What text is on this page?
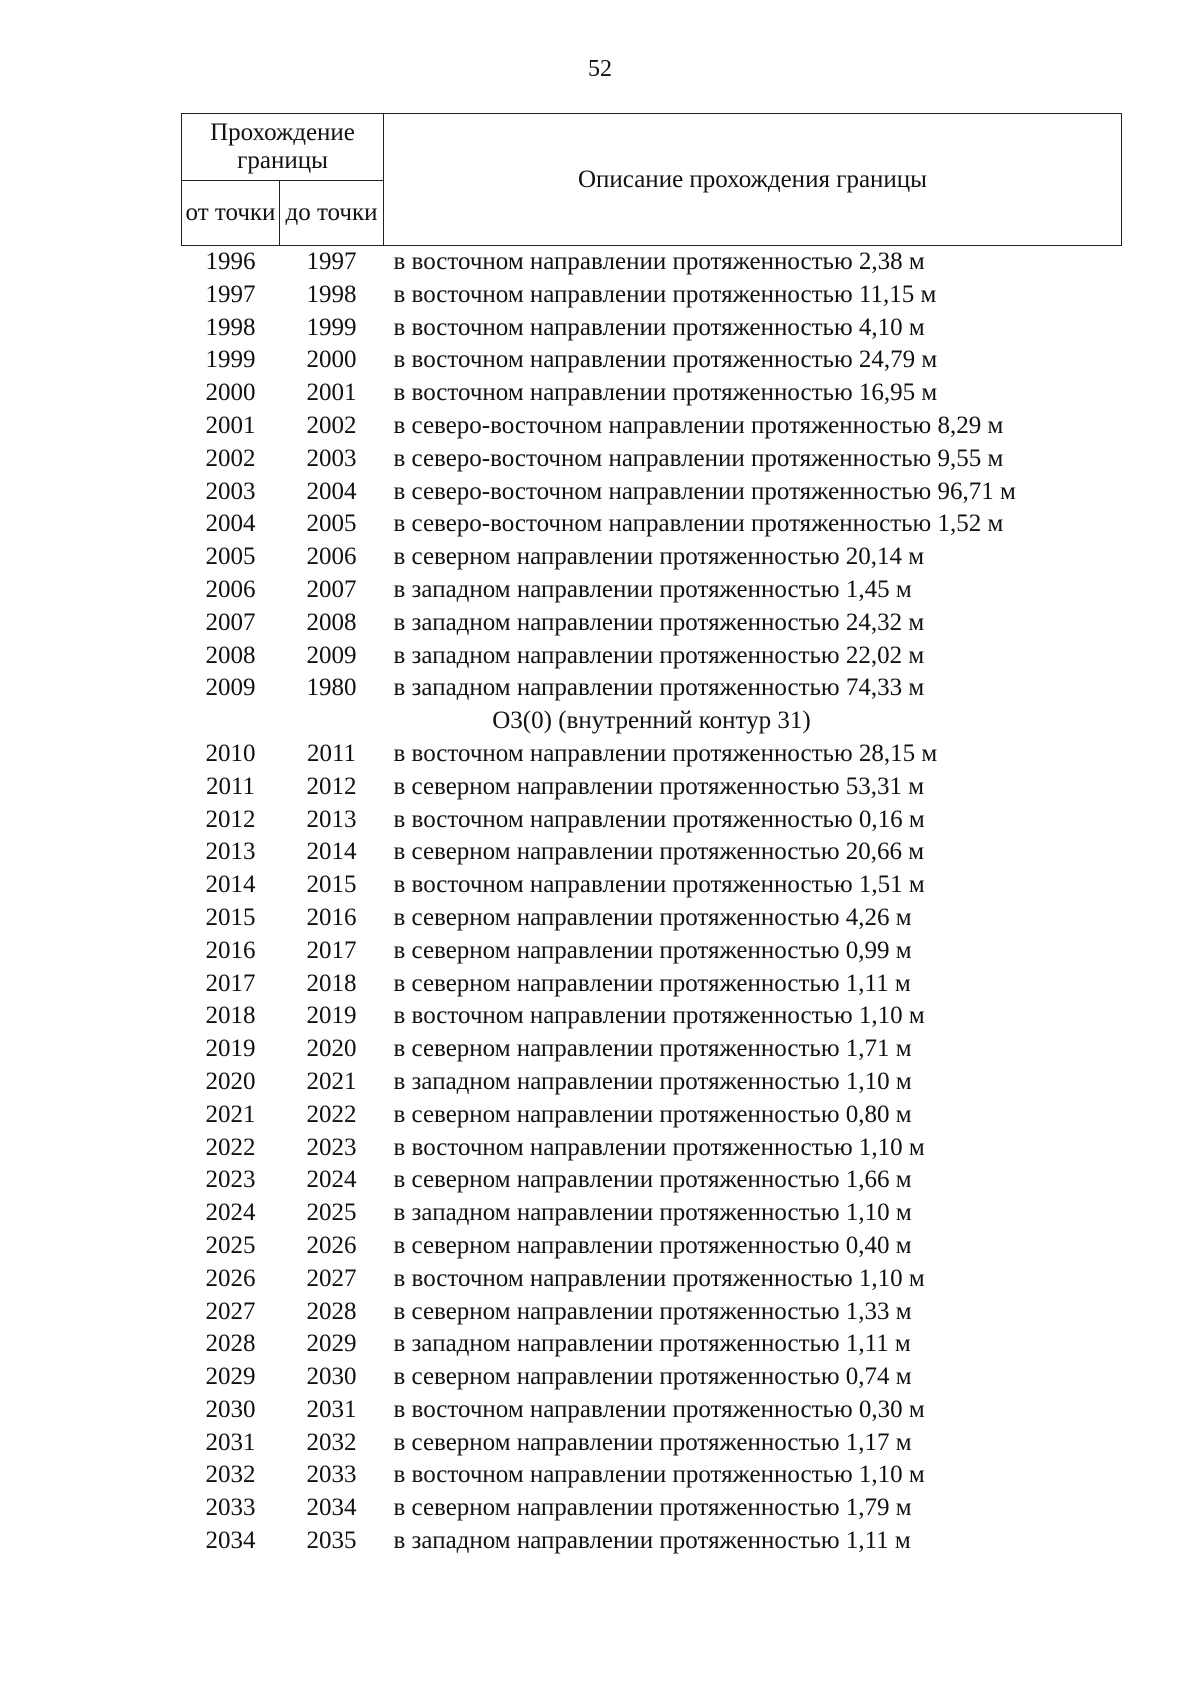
52
Прохождение границы		Описание прохождения границы
от точки	до точки	
1996	1997	в восточном направлении протяженностью 2,38 м
1997	1998	в восточном направлении протяженностью 11,15 м
1998	1999	в восточном направлении протяженностью 4,10 м
1999	2000	в восточном направлении протяженностью 24,79 м
2000	2001	в восточном направлении протяженностью 16,95 м
2001	2002	в северо-восточном направлении протяженностью 8,29 м
2002	2003	в северо-восточном направлении протяженностью 9,55 м
2003	2004	в северо-восточном направлении протяженностью 96,71 м
2004	2005	в северо-восточном направлении протяженностью 1,52 м
2005	2006	в северном направлении протяженностью 20,14 м
2006	2007	в западном направлении протяженностью 1,45 м
2007	2008	в западном направлении протяженностью 24,32 м
2008	2009	в западном направлении протяженностью 22,02 м
2009	1980	в западном направлении протяженностью 74,33 м
О3(0) (внутренний контур 31)		
2010	2011	в восточном направлении протяженностью 28,15 м
2011	2012	в северном направлении протяженностью 53,31 м
2012	2013	в восточном направлении протяженностью 0,16 м
2013	2014	в северном направлении протяженностью 20,66 м
2014	2015	в восточном направлении протяженностью 1,51 м
2015	2016	в северном направлении протяженностью 4,26 м
2016	2017	в северном направлении протяженностью 0,99 м
2017	2018	в северном направлении протяженностью 1,11 м
2018	2019	в восточном направлении протяженностью 1,10 м
2019	2020	в северном направлении протяженностью 1,71 м
2020	2021	в западном направлении протяженностью 1,10 м
2021	2022	в северном направлении протяженностью 0,80 м
2022	2023	в восточном направлении протяженностью 1,10 м
2023	2024	в северном направлении протяженностью 1,66 м
2024	2025	в западном направлении протяженностью 1,10 м
2025	2026	в северном направлении протяженностью 0,40 м
2026	2027	в восточном направлении протяженностью 1,10 м
2027	2028	в северном направлении протяженностью 1,33 м
2028	2029	в западном направлении протяженностью 1,11 м
2029	2030	в северном направлении протяженностью 0,74 м
2030	2031	в восточном направлении протяженностью 0,30 м
2031	2032	в северном направлении протяженностью 1,17 м
2032	2033	в восточном направлении протяженностью 1,10 м
2033	2034	в северном направлении протяженностью 1,79 м
2034	2035	в западном направлении протяженностью 1,11 м
